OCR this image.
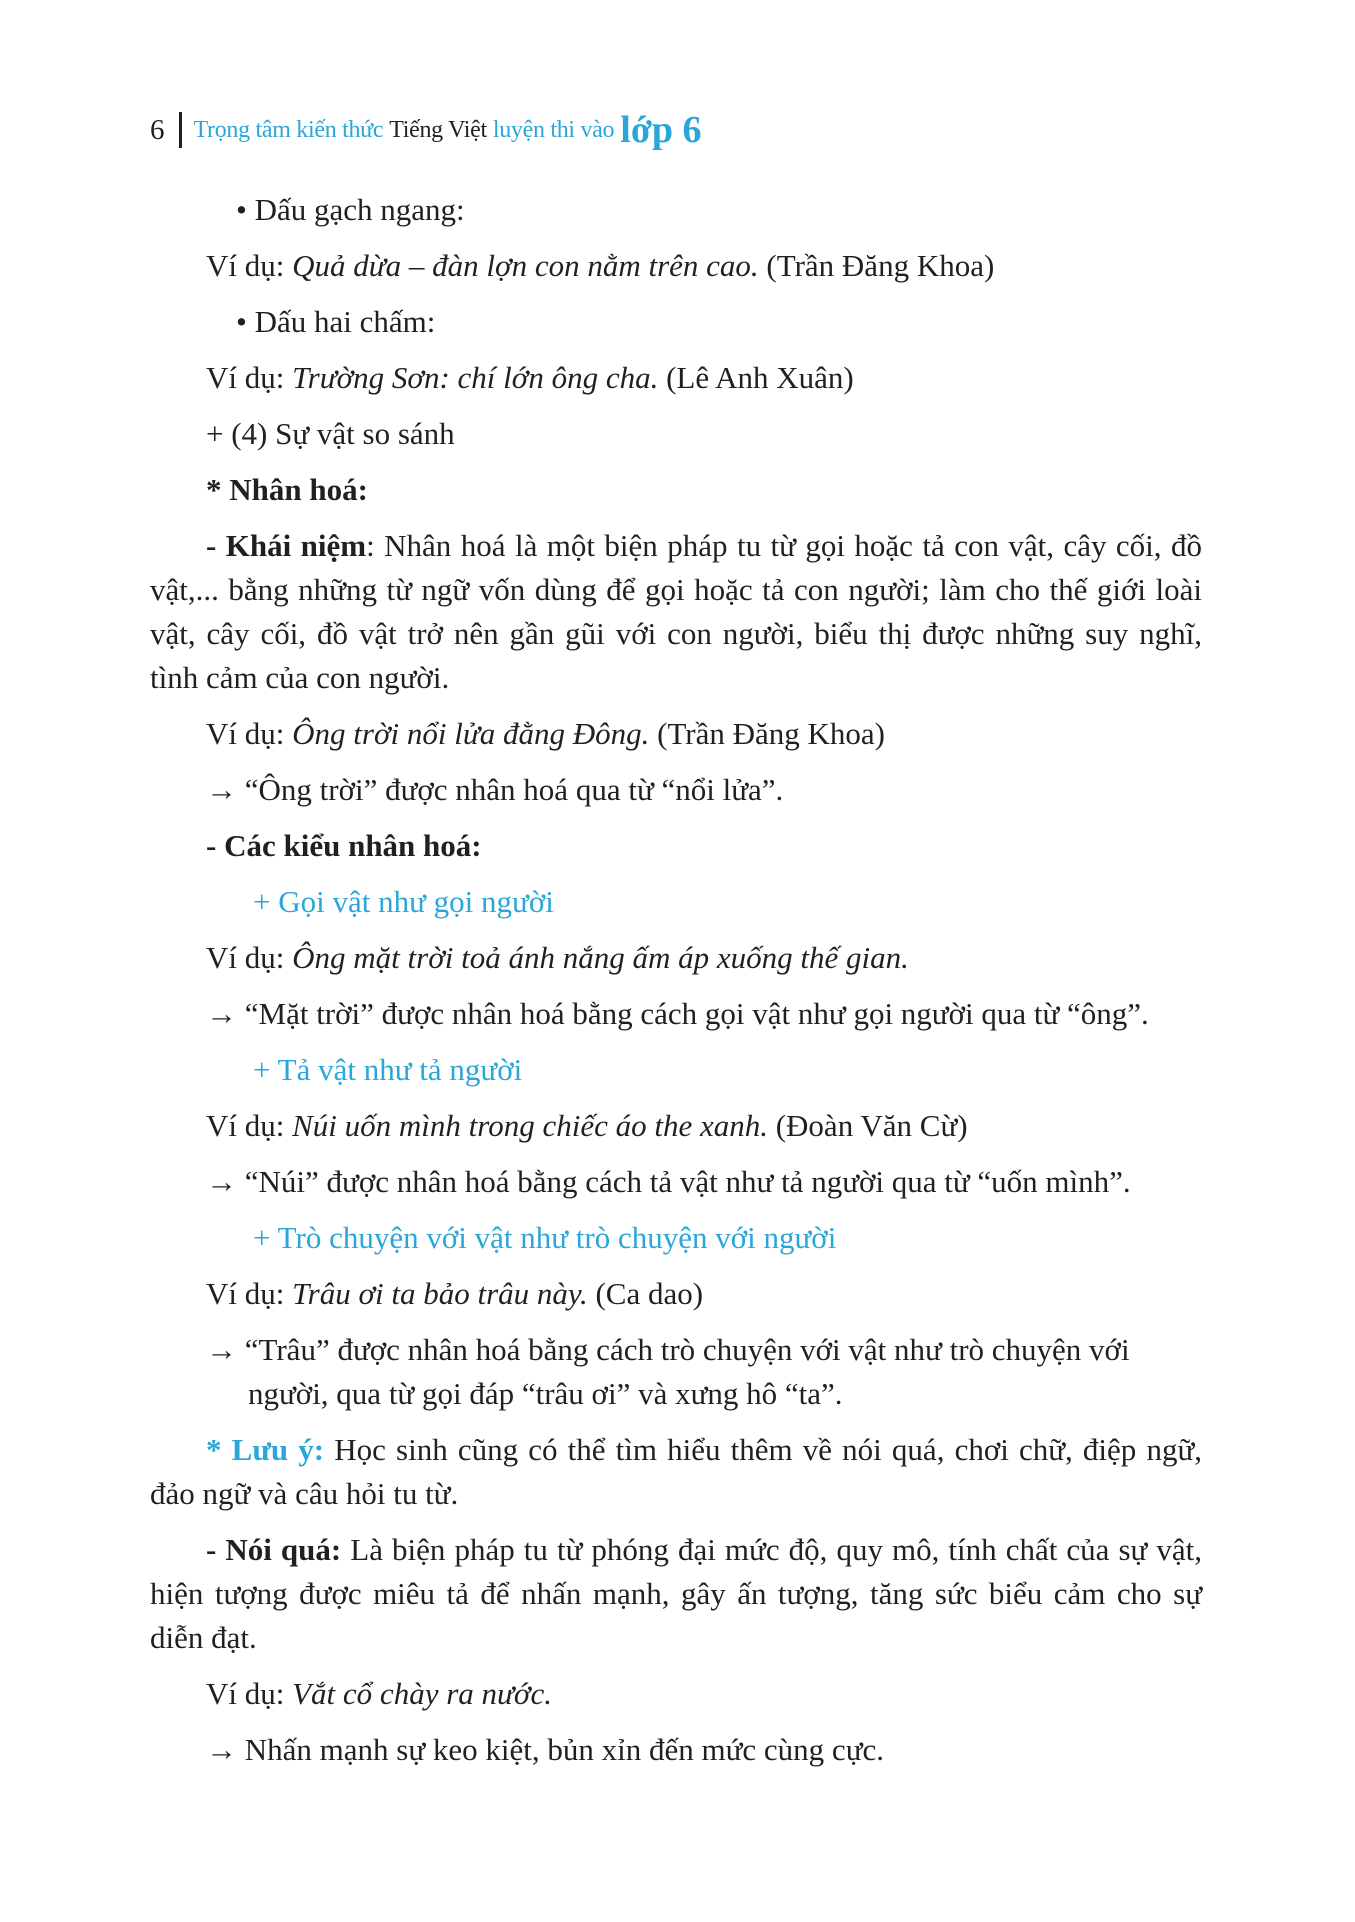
6 Trọng tâm kiến thức Tiếng Việt luyện thi vào lớp 6
• Dấu gạch ngang:
Ví dụ: Quả dừa – đàn lợn con nằm trên cao. (Trần Đăng Khoa)
• Dấu hai chấm:
Ví dụ: Trường Sơn: chí lớn ông cha. (Lê Anh Xuân)
+ (4) Sự vật so sánh
* Nhân hoá:
- Khái niệm: Nhân hoá là một biện pháp tu từ gọi hoặc tả con vật, cây cối, đồ vật,... bằng những từ ngữ vốn dùng để gọi hoặc tả con người; làm cho thế giới loài vật, cây cối, đồ vật trở nên gần gũi với con người, biểu thị được những suy nghĩ, tình cảm của con người.
Ví dụ: Ông trời nổi lửa đằng Đông. (Trần Đăng Khoa)
→ “Ông trời” được nhân hoá qua từ “nổi lửa”.
- Các kiểu nhân hoá:
+ Gọi vật như gọi người
Ví dụ: Ông mặt trời toả ánh nắng ấm áp xuống thế gian.
→ “Mặt trời” được nhân hoá bằng cách gọi vật như gọi người qua từ “ông”.
+ Tả vật như tả người
Ví dụ: Núi uốn mình trong chiếc áo the xanh. (Đoàn Văn Cừ)
→ “Núi” được nhân hoá bằng cách tả vật như tả người qua từ “uốn mình”.
+ Trò chuyện với vật như trò chuyện với người
Ví dụ: Trâu ơi ta bảo trâu này. (Ca dao)
→ “Trâu” được nhân hoá bằng cách trò chuyện với vật như trò chuyện với người, qua từ gọi đáp “trâu ơi” và xưng hô “ta”.
* Lưu ý: Học sinh cũng có thể tìm hiểu thêm về nói quá, chơi chữ, điệp ngữ, đảo ngữ và câu hỏi tu từ.
- Nói quá: Là biện pháp tu từ phóng đại mức độ, quy mô, tính chất của sự vật, hiện tượng được miêu tả để nhấn mạnh, gây ấn tượng, tăng sức biểu cảm cho sự diễn đạt.
Ví dụ: Vắt cổ chày ra nước.
→ Nhấn mạnh sự keo kiệt, bủn xỉn đến mức cùng cực.
